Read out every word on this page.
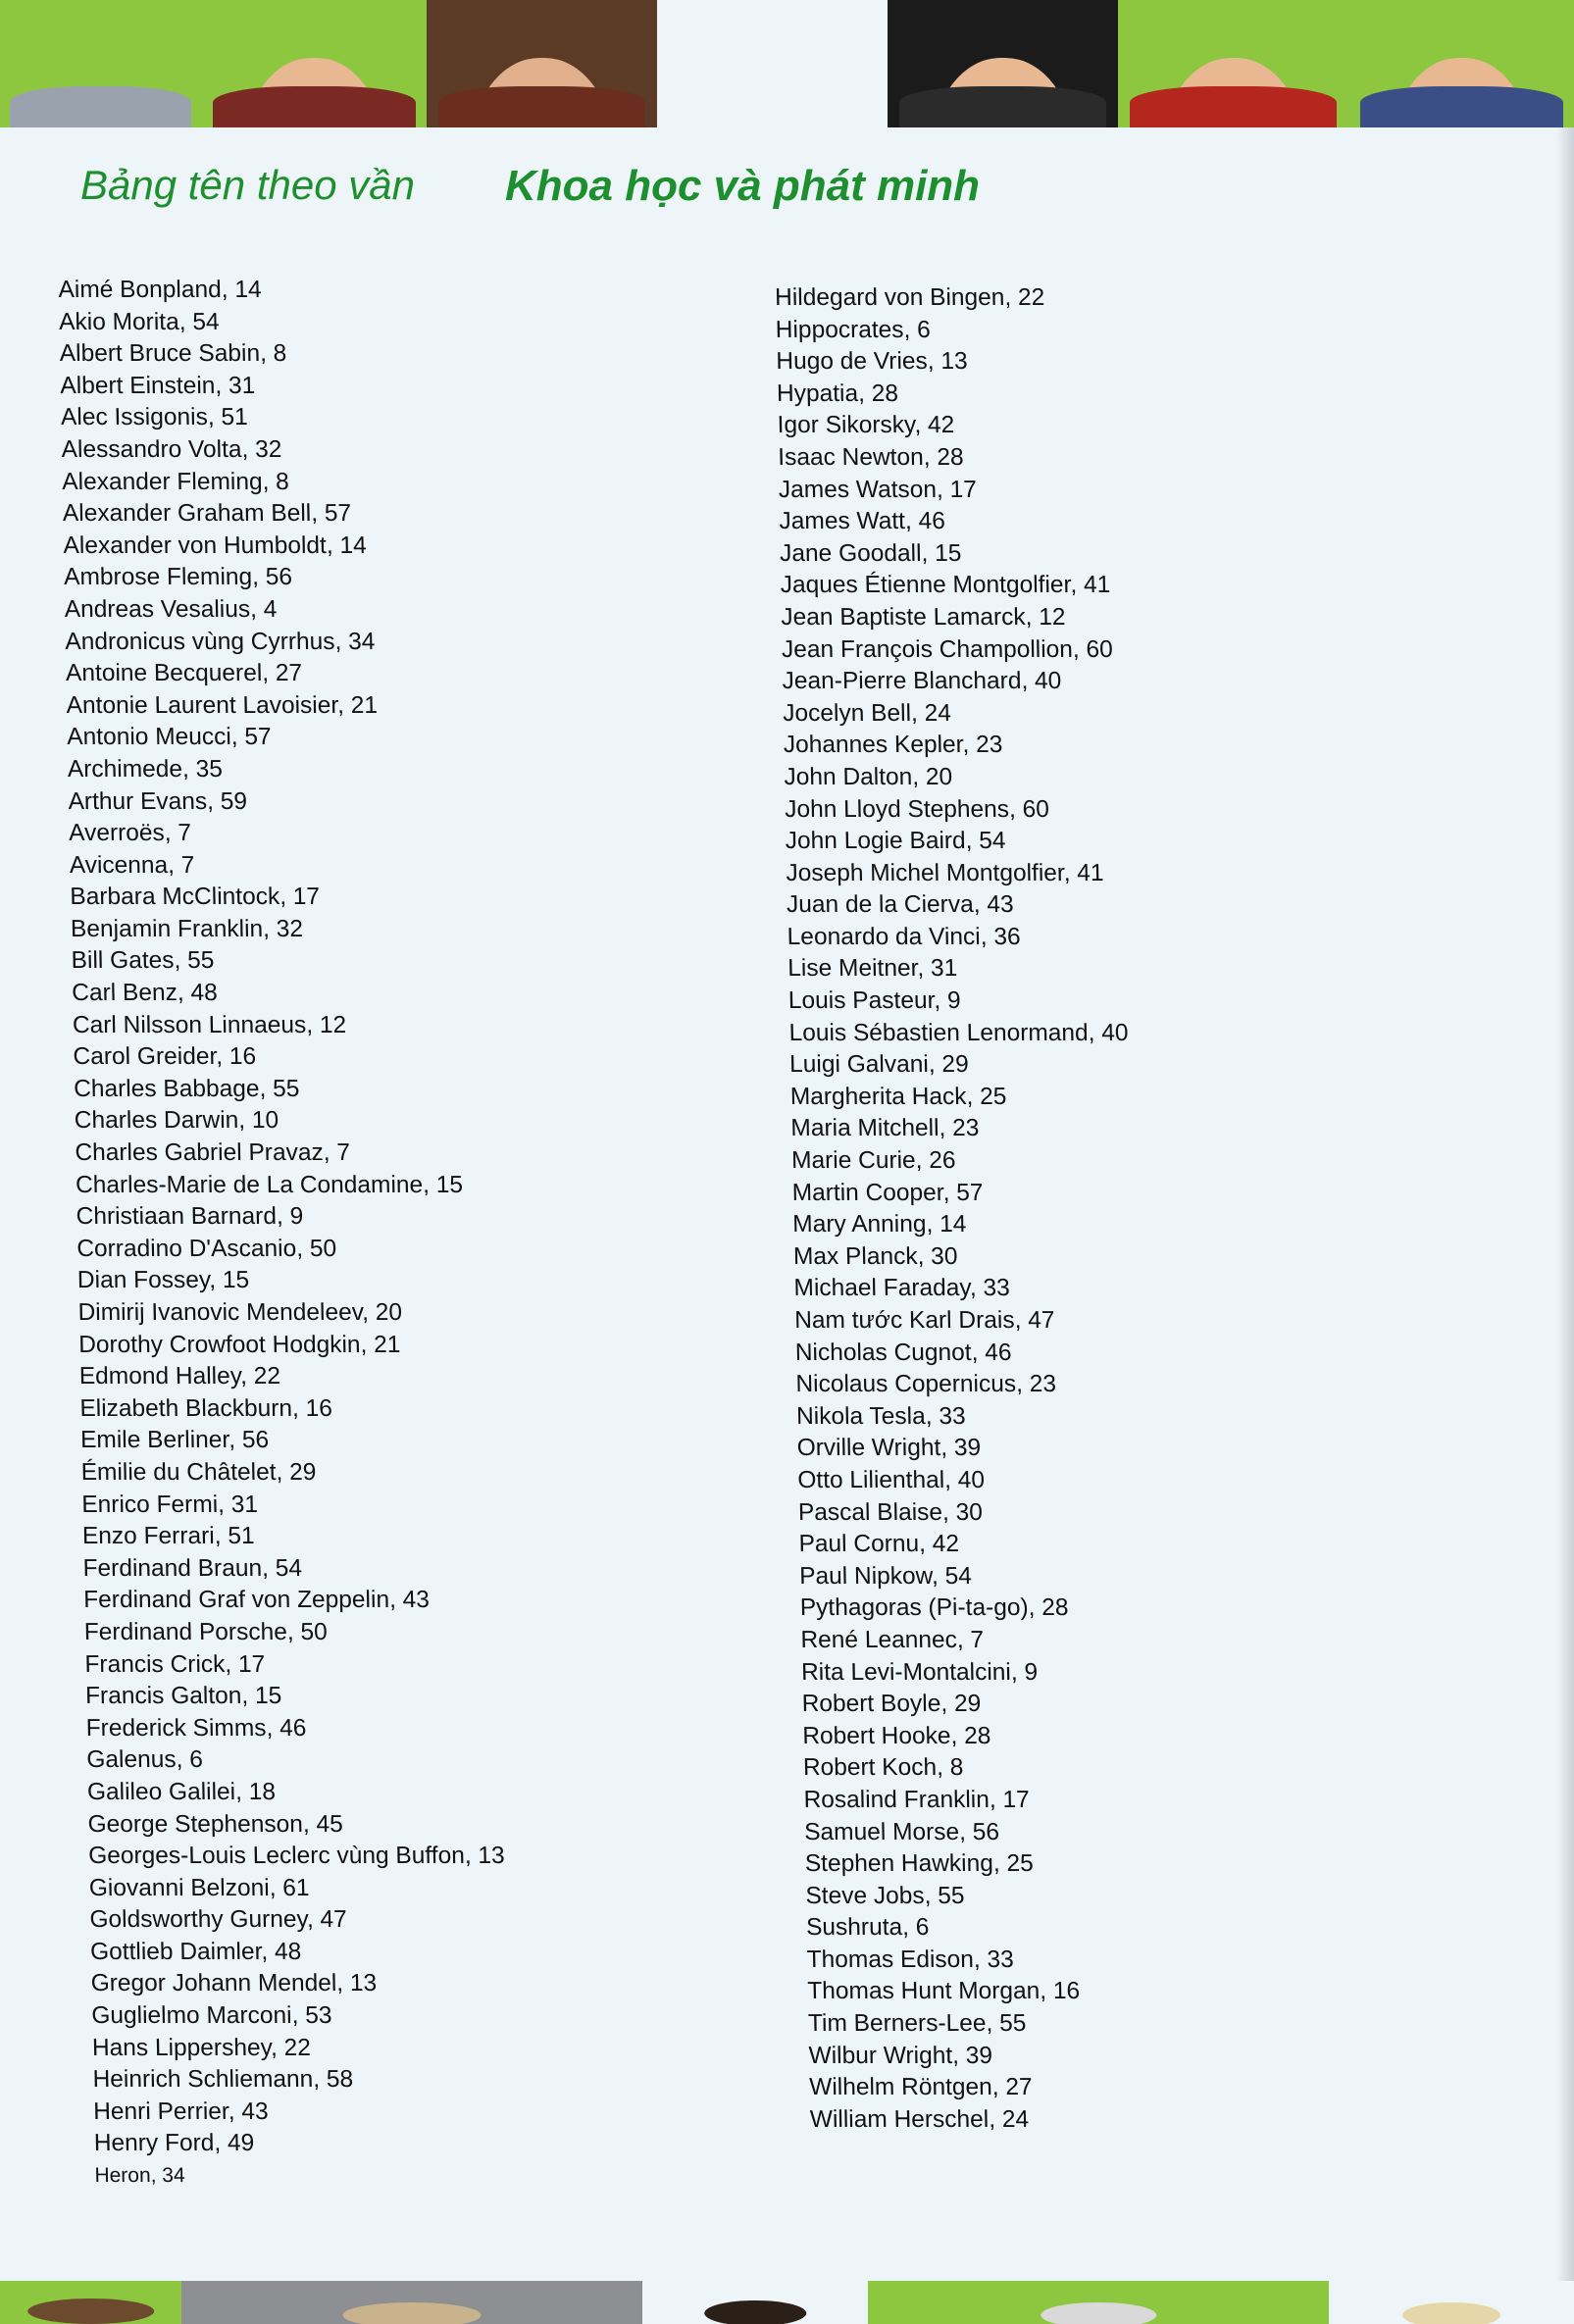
Bảng tên theo vần Khoa học và phát minh
Aimé Bonpland, 14
Akio Morita, 54
Albert Bruce Sabin, 8
Albert Einstein, 31
Alec Issigonis, 51
Alessandro Volta, 32
Alexander Fleming, 8
Alexander Graham Bell, 57
Alexander von Humboldt, 14
Ambrose Fleming, 56
Andreas Vesalius, 4
Andronicus vùng Cyrrhus, 34
Antoine Becquerel, 27
Antonie Laurent Lavoisier, 21
Antonio Meucci, 57
Archimede, 35
Arthur Evans, 59
Averroës, 7
Avicenna, 7
Barbara McClintock, 17
Benjamin Franklin, 32
Bill Gates, 55
Carl Benz, 48
Carl Nilsson Linnaeus, 12
Carol Greider, 16
Charles Babbage, 55
Charles Darwin, 10
Charles Gabriel Pravaz, 7
Charles-Marie de La Condamine, 15
Christiaan Barnard, 9
Corradino D'Ascanio, 50
Dian Fossey, 15
Dimirij Ivanovic Mendeleev, 20
Dorothy Crowfoot Hodgkin, 21
Edmond Halley, 22
Elizabeth Blackburn, 16
Emile Berliner, 56
Émilie du Châtelet, 29
Enrico Fermi, 31
Enzo Ferrari, 51
Ferdinand Braun, 54
Ferdinand Graf von Zeppelin, 43
Ferdinand Porsche, 50
Francis Crick, 17
Francis Galton, 15
Frederick Simms, 46
Galenus, 6
Galileo Galilei, 18
George Stephenson, 45
Georges-Louis Leclerc vùng Buffon, 13
Giovanni Belzoni, 61
Goldsworthy Gurney, 47
Gottlieb Daimler, 48
Gregor Johann Mendel, 13
Guglielmo Marconi, 53
Hans Lippershey, 22
Heinrich Schliemann, 58
Henri Perrier, 43
Henry Ford, 49
Heron, 34
Hildegard von Bingen, 22
Hippocrates, 6
Hugo de Vries, 13
Hypatia, 28
Igor Sikorsky, 42
Isaac Newton, 28
James Watson, 17
James Watt, 46
Jane Goodall, 15
Jaques Étienne Montgolfier, 41
Jean Baptiste Lamarck, 12
Jean François Champollion, 60
Jean-Pierre Blanchard, 40
Jocelyn Bell, 24
Johannes Kepler, 23
John Dalton, 20
John Lloyd Stephens, 60
John Logie Baird, 54
Joseph Michel Montgolfier, 41
Juan de la Cierva, 43
Leonardo da Vinci, 36
Lise Meitner, 31
Louis Pasteur, 9
Louis Sébastien Lenormand, 40
Luigi Galvani, 29
Margherita Hack, 25
Maria Mitchell, 23
Marie Curie, 26
Martin Cooper, 57
Mary Anning, 14
Max Planck, 30
Michael Faraday, 33
Nam tước Karl Drais, 47
Nicholas Cugnot, 46
Nicolaus Copernicus, 23
Nikola Tesla, 33
Orville Wright, 39
Otto Lilienthal, 40
Pascal Blaise, 30
Paul Cornu, 42
Paul Nipkow, 54
Pythagoras (Pi-ta-go), 28
René Leannec, 7
Rita Levi-Montalcini, 9
Robert Boyle, 29
Robert Hooke, 28
Robert Koch, 8
Rosalind Franklin, 17
Samuel Morse, 56
Stephen Hawking, 25
Steve Jobs, 55
Sushruta, 6
Thomas Edison, 33
Thomas Hunt Morgan, 16
Tim Berners-Lee, 55
Wilbur Wright, 39
Wilhelm Röntgen, 27
William Herschel, 24
